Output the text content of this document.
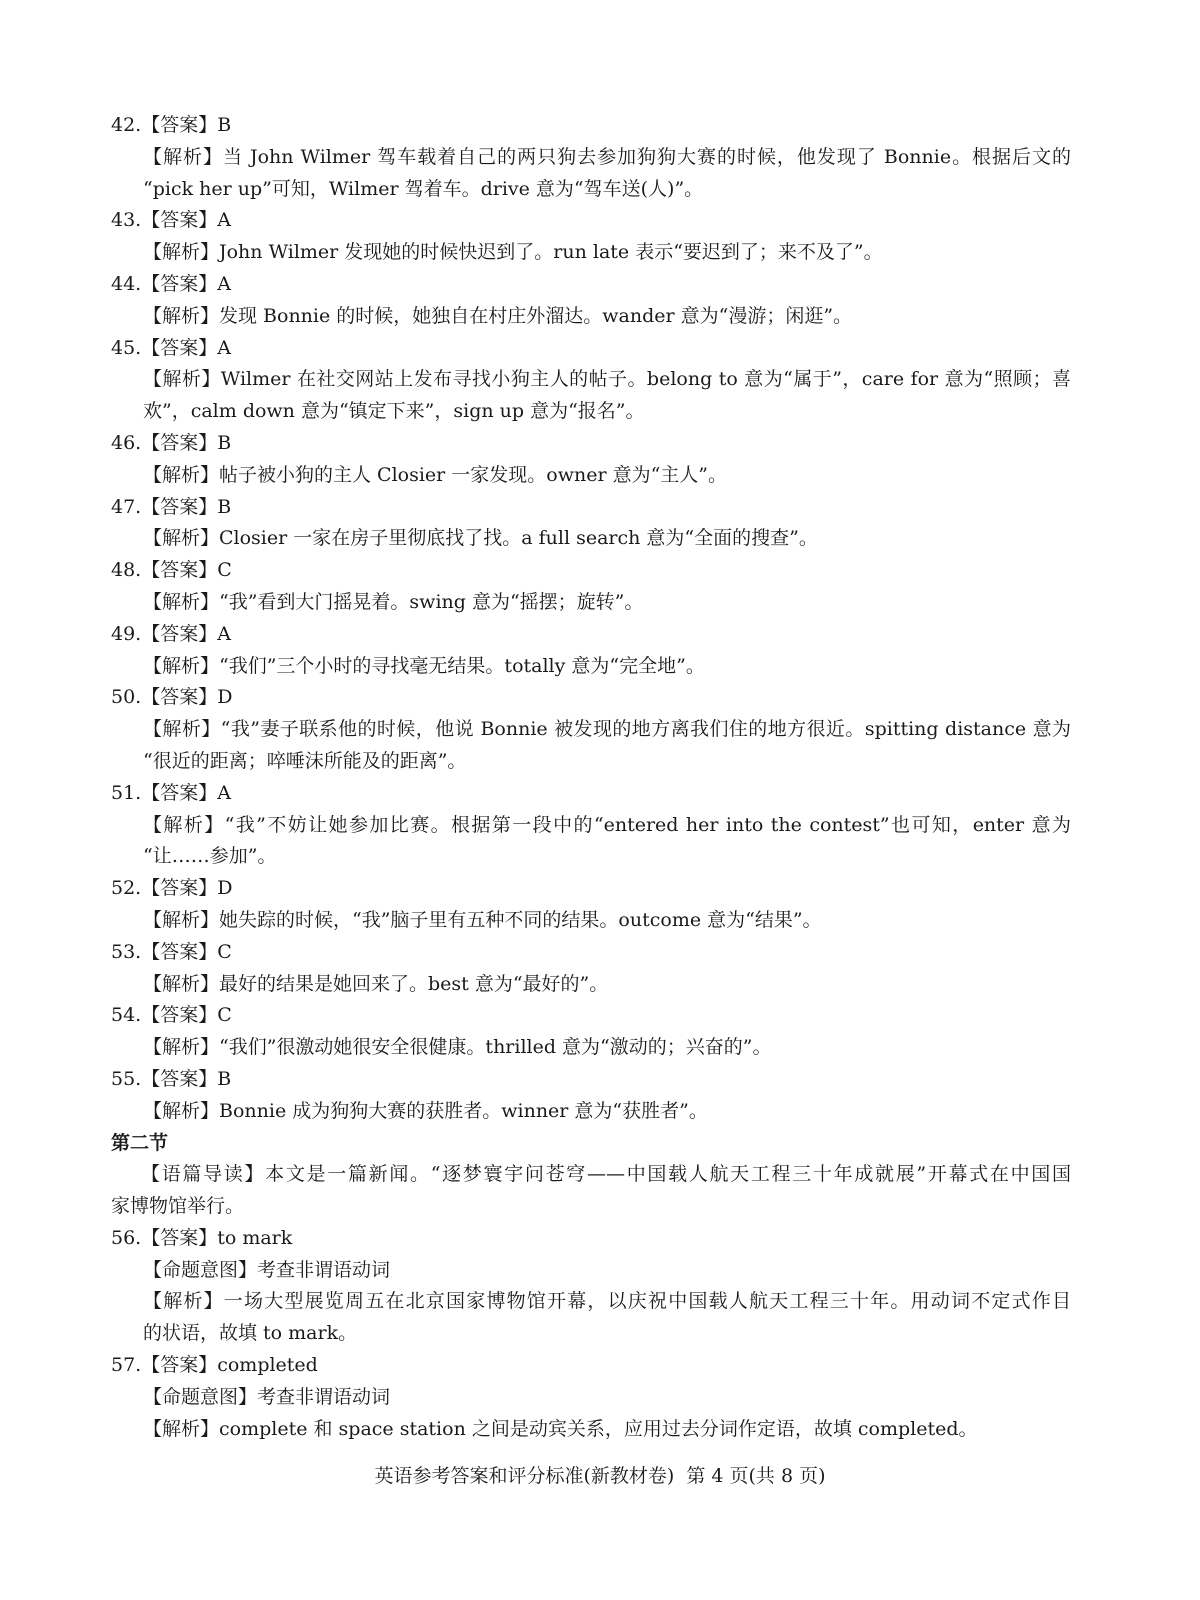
42.【答案】B
【解析】当 John Wilmer 驾车载着自己的两只狗去参加狗狗大赛的时候，他发现了 Bonnie。根据后文的
“pick her up”可知，Wilmer 驾着车。drive 意为“驾车送(人)”。
43.【答案】A
【解析】John Wilmer 发现她的时候快迟到了。run late 表示“要迟到了；来不及了”。
44.【答案】A
【解析】发现 Bonnie 的时候，她独自在村庄外溜达。wander 意为“漫游；闲逛”。
45.【答案】A
【解析】Wilmer 在社交网站上发布寻找小狗主人的帖子。belong to 意为“属于”，care for 意为“照顾；喜
欢”，calm down 意为“镇定下来”，sign up 意为“报名”。
46.【答案】B
【解析】帖子被小狗的主人 Closier 一家发现。owner 意为“主人”。
47.【答案】B
【解析】Closier 一家在房子里彻底找了找。a full search 意为“全面的搜查”。
48.【答案】C
【解析】“我”看到大门摇晃着。swing 意为“摇摆；旋转”。
49.【答案】A
【解析】“我们”三个小时的寻找毫无结果。totally 意为“完全地”。
50.【答案】D
【解析】“我”妻子联系他的时候，他说 Bonnie 被发现的地方离我们住的地方很近。spitting distance 意为
“很近的距离；啐唾沫所能及的距离”。
51.【答案】A
【解析】“我”不妨让她参加比赛。根据第一段中的“entered her into the contest”也可知，enter 意为
“让……参加”。
52.【答案】D
【解析】她失踪的时候，“我”脑子里有五种不同的结果。outcome 意为“结果”。
53.【答案】C
【解析】最好的结果是她回来了。best 意为“最好的”。
54.【答案】C
【解析】“我们”很激动她很安全很健康。thrilled 意为“激动的；兴奋的”。
55.【答案】B
【解析】Bonnie 成为狗狗大赛的获胜者。winner 意为“获胜者”。
第二节
【语篇导读】本文是一篇新闻。“逐梦寰宇问苍穹——中国载人航天工程三十年成就展”开幕式在中国国
家博物馆举行。
56.【答案】to mark
【命题意图】考查非谓语动词
【解析】一场大型展览周五在北京国家博物馆开幕，以庆祝中国载人航天工程三十年。用动词不定式作目
的状语，故填 to mark。
57.【答案】completed
【命题意图】考查非谓语动词
【解析】complete 和 space station 之间是动宾关系，应用过去分词作定语，故填 completed。
英语参考答案和评分标准(新教材卷) 第 4 页(共 8 页)
